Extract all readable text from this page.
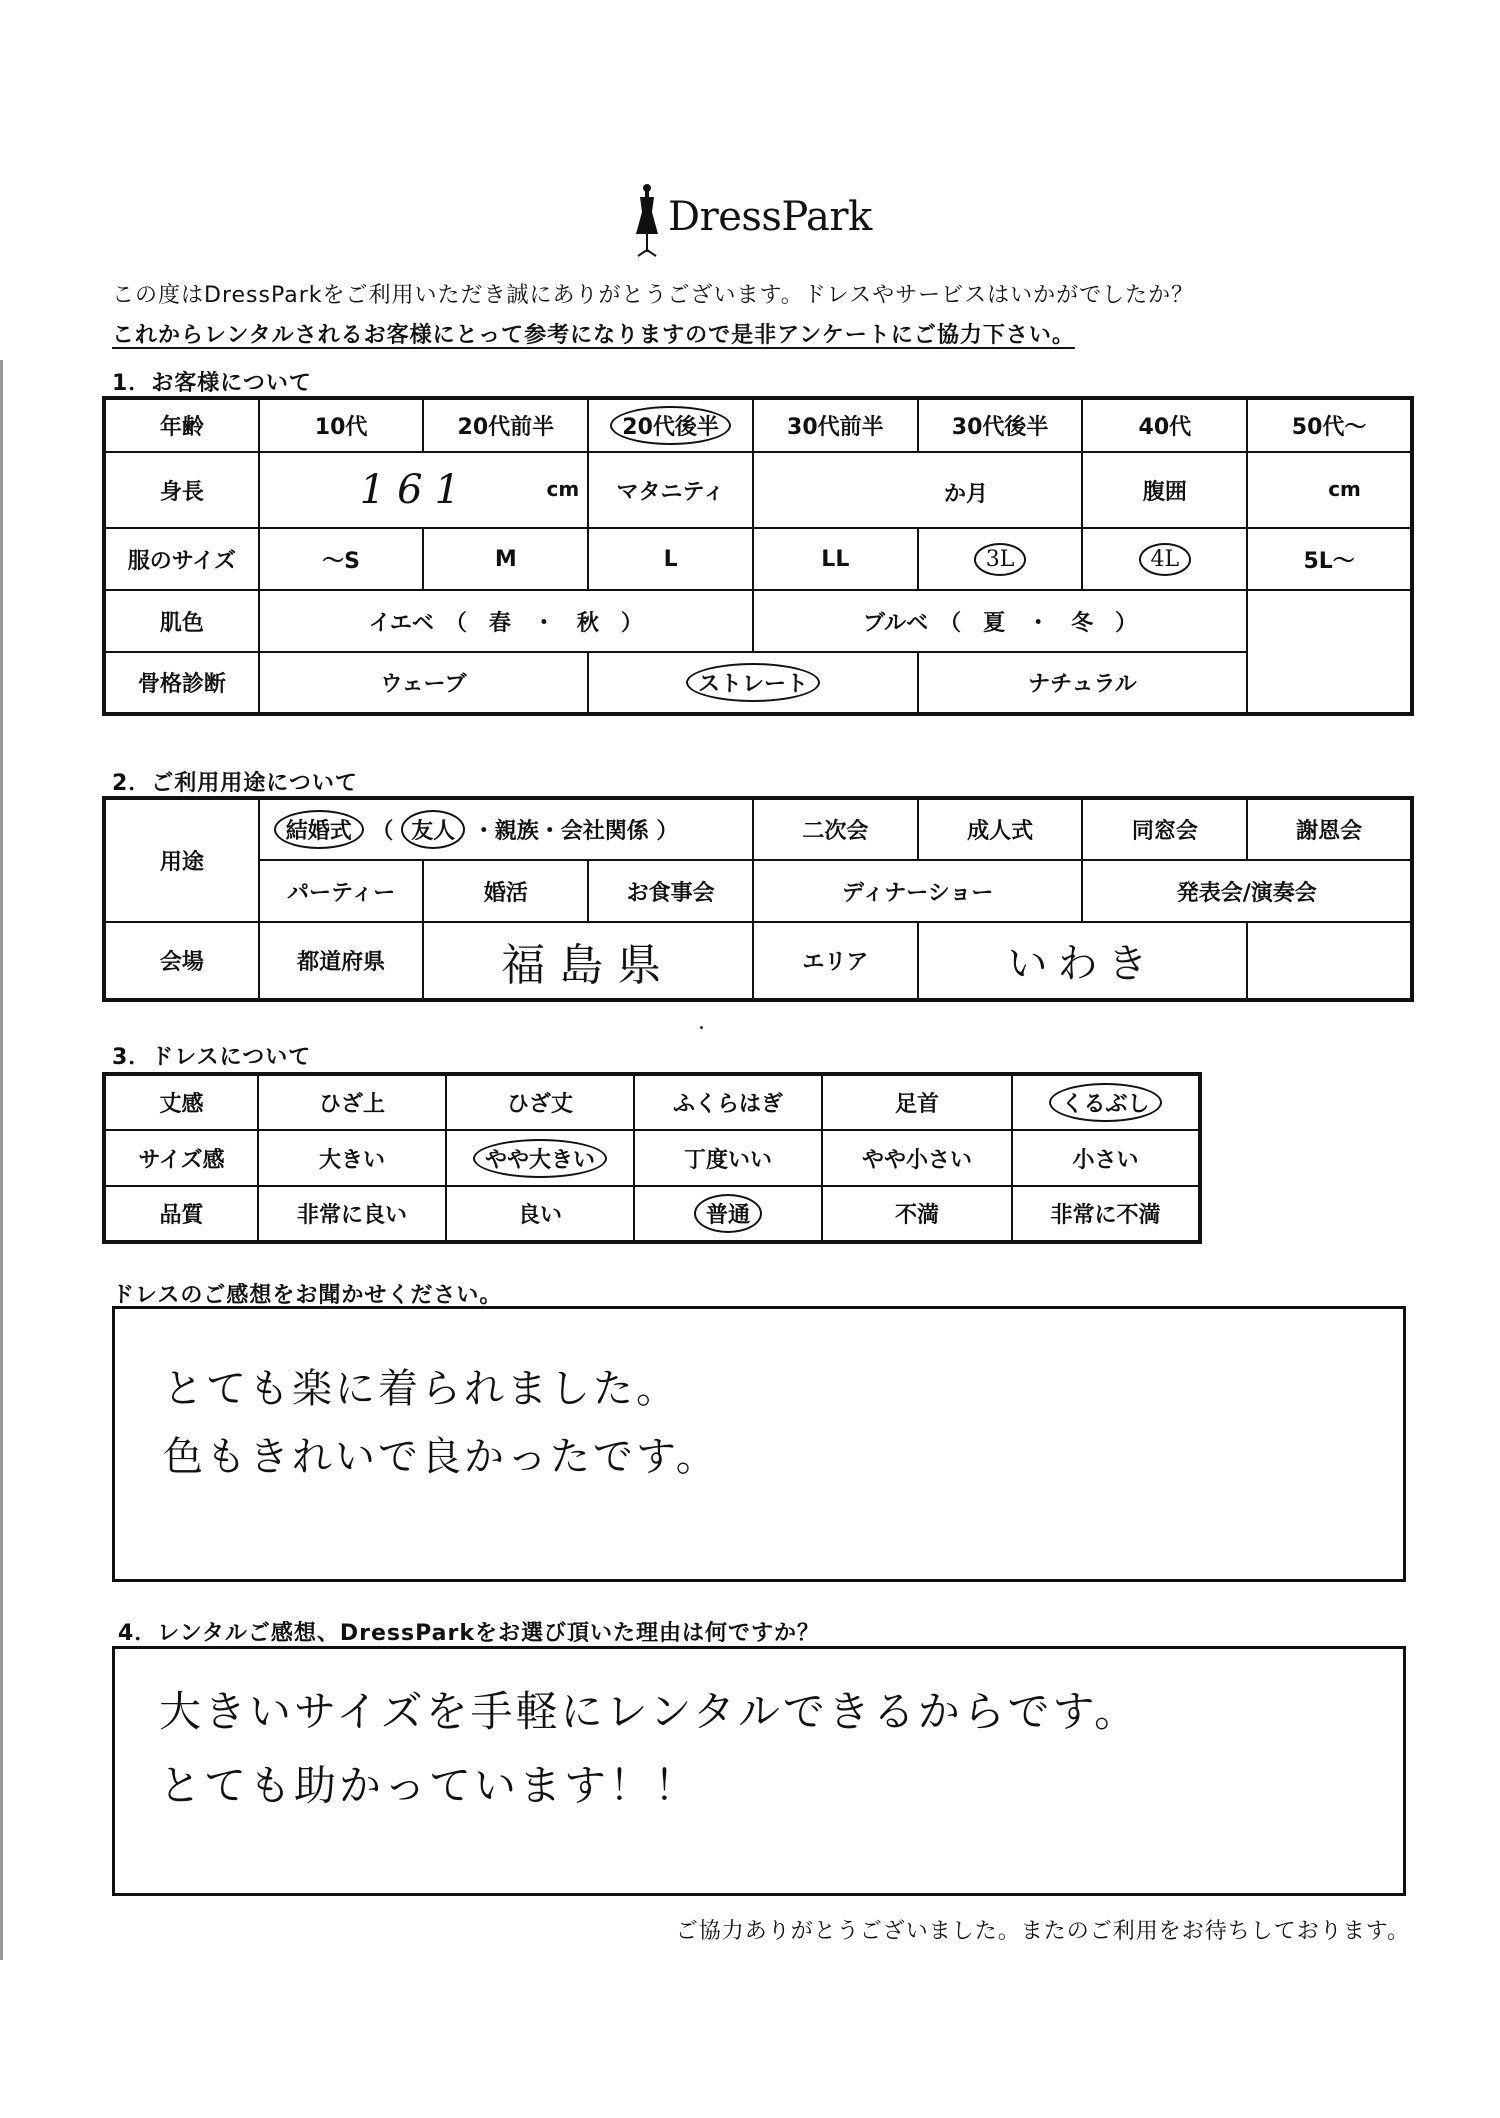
DressPark
この度はDressParkをご利用いただき誠にありがとうございます。ドレスやサービスはいかがでしたか？
これからレンタルされるお客様にとって参考になりますので是非アンケートにご協力下さい。
1．お客様について
年齢	10代	20代前半	20代後半	30代前半	30代後半	40代	50代～
身長	161 cm		マタニティ	か月		腹囲	cm

服のサイズ	～S	M	L	LL	3L	4L	5L～
肌色	イエベ　（　春　・　秋　）			ブルベ　（　夏　・　冬　）			
骨格診断	ウェーブ		ストレート		ナチュラル		
2．ご利用用途について
用途	結婚式 （ 友人 ・親族・会社関係 ）			二次会	成人式	同窓会	謝恩会
	パーティー	婚活	お食事会	ディナーショー		発表会/演奏会	
会場	都道府県	福島県		エリア	いわき		
3．ドレスについて
丈感	ひざ上	ひざ丈	ふくらはぎ	足首	くるぶし
サイズ感	大きい	やや大きい	丁度いい	やや小さい	小さい
品質	非常に良い	良い	普通	不満	非常に不満
ドレスのご感想をお聞かせください。
とても楽に着られました。
色もきれいで良かったです。
4．レンタルご感想、DressParkをお選び頂いた理由は何ですか？
大きいサイズを手軽にレンタルできるからです。
とても助かっています！！
ご協力ありがとうございました。またのご利用をお待ちしております。
